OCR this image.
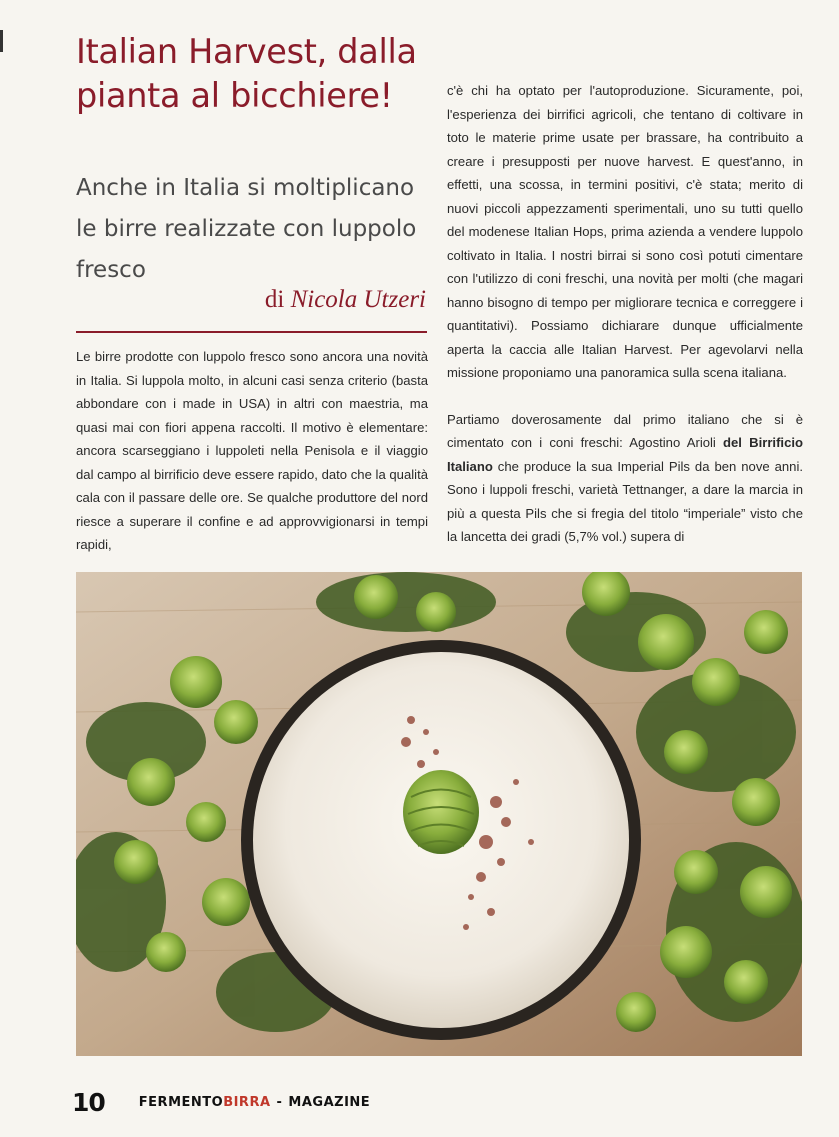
Italian Harvest, dalla pianta al bicchiere!

Anche in Italia si moltiplicano le birre realizzate con luppolo fresco

di Nicola Utzeri

Le birre prodotte con luppolo fresco sono ancora una novità in Italia. Si luppola molto, in alcuni casi senza criterio (basta abbondare con i made in USA) in altri con maestria, ma quasi mai con fiori appena raccolti. Il motivo è elementare: ancora scarseggiano i luppoleti nella Penisola e il viaggio dal campo al birrificio deve essere rapido, dato che la qualità cala con il passare delle ore. Se qualche produttore del nord riesce a superare il confine e ad approvvigionarsi in tempi rapidi,

c'è chi ha optato per l'autoproduzione. Sicuramente, poi, l'esperienza dei birrifici agricoli, che tentano di coltivare in toto le materie prime usate per brassare, ha contribuito a creare i presupposti per nuove harvest. E quest'anno, in effetti, una scossa, in termini positivi, c'è stata; merito di nuovi piccoli appezzamenti sperimentali, uno su tutti quello del modenese Italian Hops, prima azienda a vendere luppolo coltivato in Italia. I nostri birrai si sono così potuti cimentare con l'utilizzo di coni freschi, una novità per molti (che magari hanno bisogno di tempo per migliorare tecnica e correggere i quantitativi). Possiamo dichiarare dunque ufficialmente aperta la caccia alle Italian Harvest. Per agevolarvi nella missione proponiamo una panoramica sulla scena italiana.

Partiamo doverosamente dal primo italiano che si è cimentato con i coni freschi: Agostino Arioli del Birrificio Italiano che produce la sua Imperial Pils da ben nove anni. Sono i luppoli freschi, varietà Tettnanger, a dare la marcia in più a questa Pils che si fregia del titolo “imperiale” visto che la lancetta dei gradi (5,7% vol.) supera di

10	FERMENTO BIRRA - MAGAZINE
